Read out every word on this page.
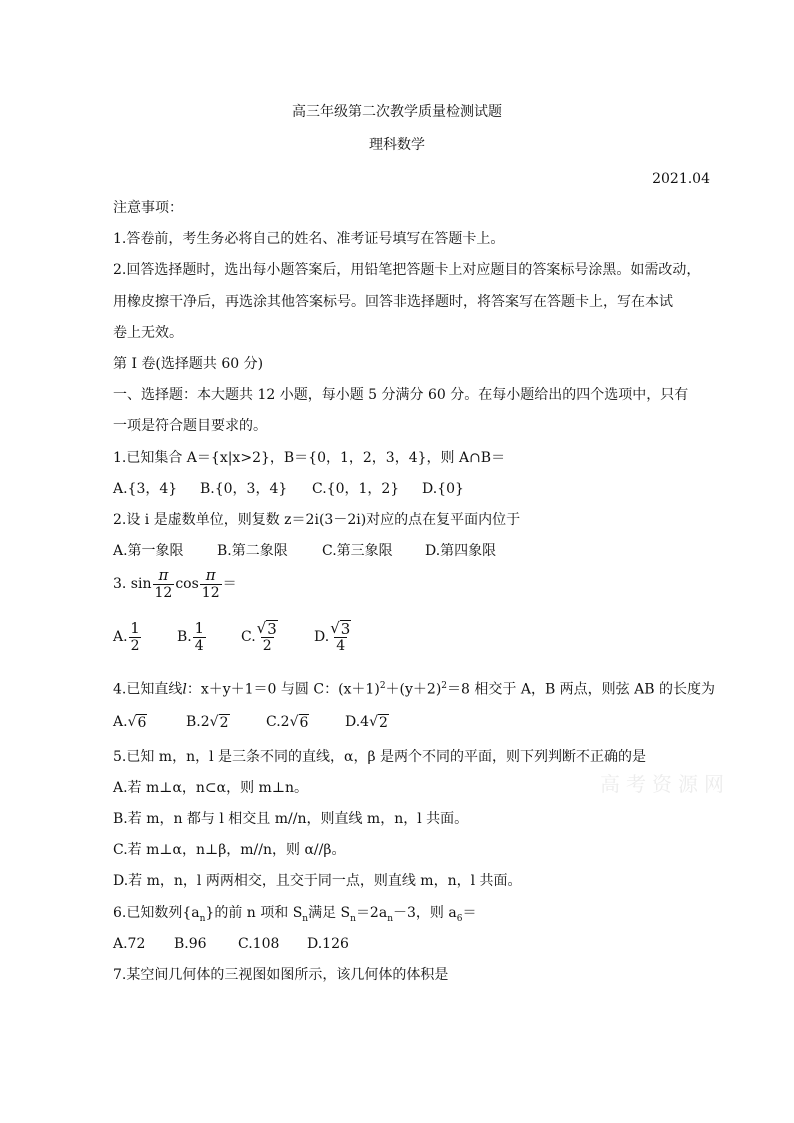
高三年级第二次教学质量检测试题
理科数学
2021.04
注意事项：
1.答卷前，考生务必将自己的姓名、准考证号填写在答题卡上。
2.回答选择题时，选出每小题答案后，用铅笔把答题卡上对应题目的答案标号涂黑。如需改动，
用橡皮擦干净后，再选涂其他答案标号。回答非选择题时，将答案写在答题卡上，写在本试
卷上无效。
第 I 卷(选择题共 60 分)
一、选择题：本大题共 12 小题，每小题 5 分满分 60 分。在每小题给出的四个选项中，只有
一项是符合题目要求的。
1.已知集合 A＝{x|x>2}，B＝{0，1，2，3，4}，则 A∩B＝
A.{3，4} B.{0，3，4} C.{0，1，2} D.{0}
2.设 i 是虚数单位，则复数 z＝2i(3－2i)对应的点在复平面内位于
A.第一象限 B.第二象限 C.第三象限 D.第四象限
3. $\sin \frac{\pi}{12}$ $\cos \frac{\pi}{12}$ ＝
A. $\frac{1}{2}$	B. $\frac{1}{4}$	C. $\frac{√ 3}{2}$	D. $\frac{√ 3}{4}$
4.已知直线l：x＋y＋1＝0 与圆 C：$(x+1)^2+(y+2)^2=8$ 相交于 A，B 两点，则弦 AB 的长度为
A.√ 6	B.2√ 2	C.2√ 6	D.4√ 2
5.已知 m，n，l 是三条不同的直线，α，β 是两个不同的平面，则下列判断不正确的是
A.若 m⊥α，n⊂α，则 m⊥n。
B.若 m，n 都与 l 相交且 m//n，则直线 m，n，l 共面。
C.若 m⊥α，n⊥β，m//n，则 α//β。
D.若 m，n，l 两两相交，且交于同一点，则直线 m，n，l 共面。
高考资源网
6.已知数列$\{a_n\}$的前 n 项和 $S_n$满足 $S_n=2a_n-3$，则 $a_6=$
A.72 B.96 C.108 D.126
7.某空间几何体的三视图如图所示，该几何体的体积是
